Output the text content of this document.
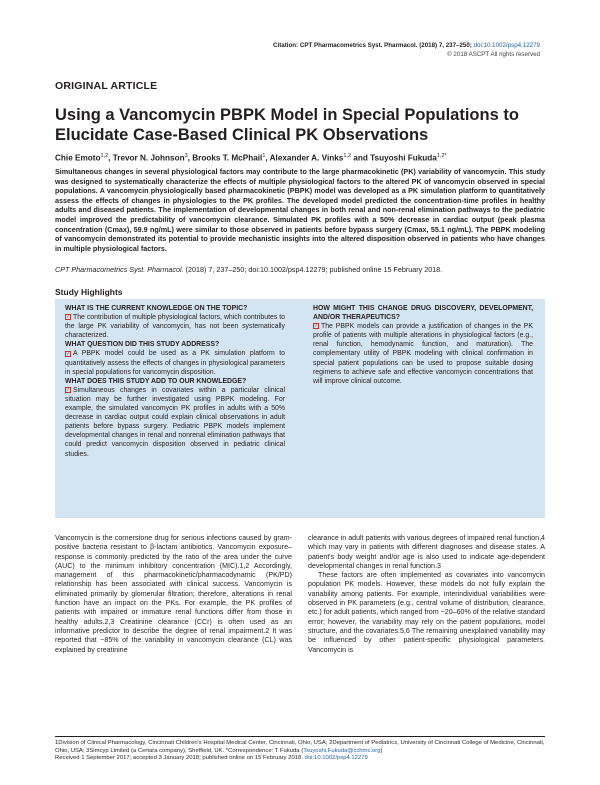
Citation: CPT Pharmacometrics Syst. Pharmacol. (2018) 7, 237–250; doi:10.1002/psp4.12279
© 2018 ASCPT All rights reserved
ORIGINAL ARTICLE
Using a Vancomycin PBPK Model in Special Populations to Elucidate Case-Based Clinical PK Observations
Chie Emoto$^{1,2}$, Trevor N. Johnson$^3$, Brooks T. McPhail$^1$, Alexander A. Vinks$^{1,2}$ and Tsuyoshi Fukuda$^{1,2*}$
Simultaneous changes in several physiological factors may contribute to the large pharmacokinetic (PK) variability of vancomycin. This study was designed to systematically characterize the effects of multiple physiological factors to the altered PK of vancomycin observed in special populations. A vancomycin physiologically based pharmacokinetic (PBPK) model was developed as a PK simulation platform to quantitatively assess the effects of changes in physiologies to the PK profiles. The developed model predicted the concentration-time profiles in healthy adults and diseased patients. The implementation of developmental changes in both renal and non-renal elimination pathways to the pediatric model improved the predictability of vancomycin clearance. Simulated PK profiles with a 50% decrease in cardiac output (peak plasma concentration (Cmax), 59.9 ng/mL) were similar to those observed in patients before bypass surgery (Cmax, 55.1 ng/mL). The PBPK modeling of vancomycin demonstrated its potential to provide mechanistic insights into the altered disposition observed in patients who have changes in multiple physiological factors.
CPT Pharmacometrics Syst. Pharmacol. (2018) 7, 237–250; doi:10.1002/psp4.12279; published online 15 February 2018.
Study Highlights
WHAT IS THE CURRENT KNOWLEDGE ON THE TOPIC?
✓ The contribution of multiple physiological factors, which contributes to the large PK variability of vancomycin, has not been systematically characterized.
WHAT QUESTION DID THIS STUDY ADDRESS?
✓ A PBPK model could be used as a PK simulation platform to quantitatively assess the effects of changes in physiological parameters in special populations for vancomycin disposition.
WHAT DOES THIS STUDY ADD TO OUR KNOWLEDGE?
✓ Simultaneous changes in covariates within a particular clinical situation may be further investigated using PBPK modeling. For example, the simulated vancomycin PK profiles in adults with a 50% decrease in cardiac output could explain clinical observations in adult patients before bypass surgery. Pediatric PBPK models implement developmental changes in renal and nonrenal elimination pathways that could predict vancomycin disposition observed in pediatric clinical studies.
HOW MIGHT THIS CHANGE DRUG DISCOVERY, DEVELOPMENT, AND/OR THERAPEUTICS?
✓ The PBPK models can provide a justification of changes in the PK profile of patients with multiple alterations in physiological factors (e.g., renal function, hemodynamic function, and maturation). The complementary utility of PBPK modeling with clinical confirmation in special patient populations can be used to propose suitable dosing regimens to achieve safe and effective vancomycin concentrations that will improve clinical outcome.
Vancomycin is the cornerstone drug for serious infections caused by gram-positive bacteria resistant to β-lactam antibiotics. Vancomycin exposure–response is commonly predicted by the ratio of the area under the curve (AUC) to the minimum inhibitory concentration (MIC).1,2 Accordingly, management of this pharmacokinetic/pharmacodynamic (PK/PD) relationship has been associated with clinical success. Vancomycin is eliminated primarily by glomerular filtration; therefore, alterations in renal function have an impact on the PKs. For example, the PK profiles of patients with impaired or immature renal functions differ from those in healthy adults.2,3 Creatinine clearance (CCr) is often used as an informative predictor to describe the degree of renal impairment.2 It was reported that ~85% of the variability in vancomycin clearance (CL) was explained by creatinine
clearance in adult patients with various degrees of impaired renal function,4 which may vary in patients with different diagnoses and disease states. A patient's body weight and/or age is also used to indicate age-dependent developmental changes in renal function.3
These factors are often implemented as covariates into vancomycin population PK models. However, these models do not fully explain the variability among patients. For example, interindividual variabilities were observed in PK parameters (e.g., central volume of distribution, clearance, etc.) for adult patients, which ranged from ~20–60% of the relative standard error; however, the variability may rely on the patient populations, model structure, and the covariates.5,6 The remaining unexplained variability may be influenced by other patient-specific physiological parameters. Vancomycin is
1Division of Clinical Pharmacology, Cincinnati Children's Hospital Medical Center, Cincinnati, Ohio, USA; 2Department of Pediatrics, University of Cincinnati College of Medicine, Cincinnati, Ohio, USA; 3Simcyp Limited (a Certara company), Sheffield, UK. *Correspondence: T Fukuda (Tsuyoshi.Fukuda@cchmc.org)
Received 1 September 2017; accepted 3 January 2018; published online on 15 February 2018. doi:10.1002/psp4.12279
